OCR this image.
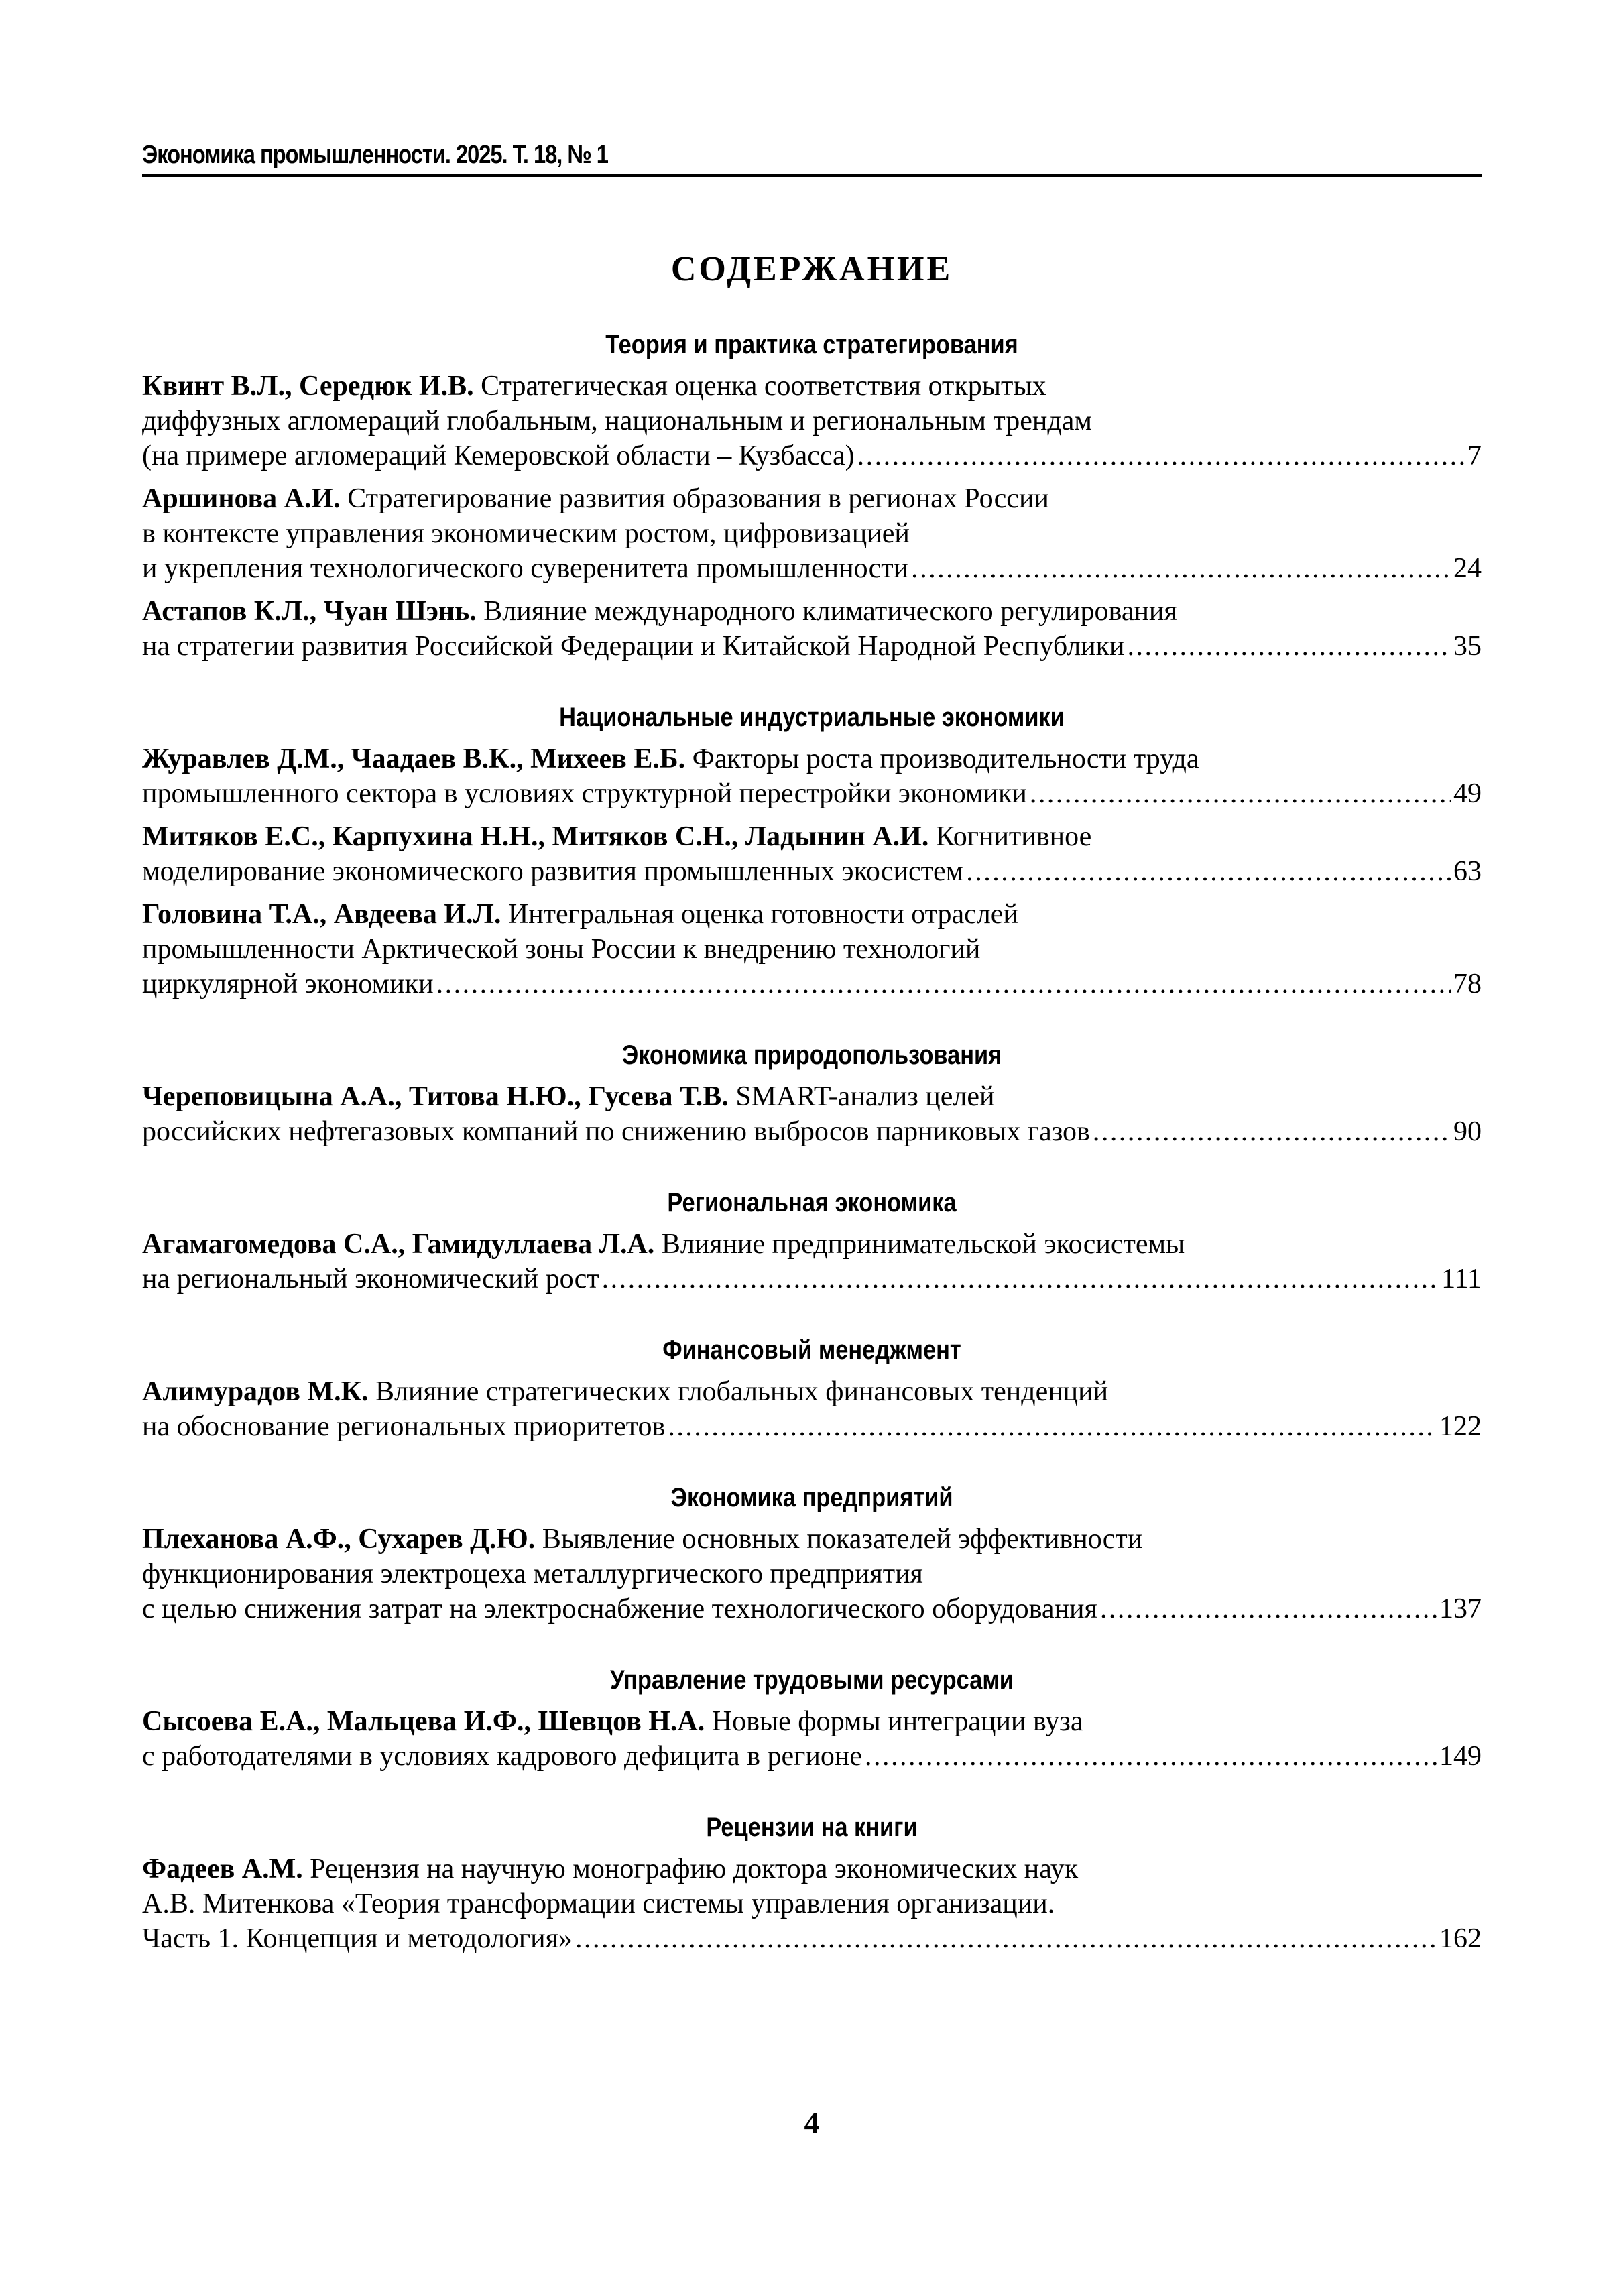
Экономика промышленности. 2025. Т. 18, № 1
СОДЕРЖАНИЕ
Теория и практика стратегирования
Квинт В.Л., Середюк И.В. Стратегическая оценка соответствия открытых
диффузных агломераций глобальным, национальным и региональным трендам
(на примере агломераций Кемеровской области – Кузбасса) . . .	7
Аршинова А.И. Стратегирование развития образования в регионах России
в контексте управления экономическим ростом, цифровизацией
и укрепления технологического суверенитета промышленности . . .	24
Астапов К.Л., Чуан Шэнь. Влияние международного климатического регулирования
на стратегии развития Российской Федерации и Китайской Народной Республики . . .	35
Национальные индустриальные экономики
Журавлев Д.М., Чаадаев В.К., Михеев Е.Б. Факторы роста производительности труда
промышленного сектора в условиях структурной перестройки экономики . . .	49
Митяков Е.С., Карпухина Н.Н., Митяков С.Н., Ладынин А.И. Когнитивное
моделирование экономического развития промышленных экосистем . . .	63
Головина Т.А., Авдеева И.Л. Интегральная оценка готовности отраслей
промышленности Арктической зоны России к внедрению технологий
циркулярной экономики . . .	78
Экономика природопользования
Череповицына А.А., Титова Н.Ю., Гусева Т.В. SMART-анализ целей
российских нефтегазовых компаний по снижению выбросов парниковых газов . . .	90
Региональная экономика
Агамагомедова С.А., Гамидуллаева Л.А. Влияние предпринимательской экосистемы
на региональный экономический рост . . .	111
Финансовый менеджмент
Алимурадов М.К. Влияние стратегических глобальных финансовых тенденций
на обоснование региональных приоритетов . . .	122
Экономика предприятий
Плеханова А.Ф., Сухарев Д.Ю. Выявление основных показателей эффективности
функционирования электроцеха металлургического предприятия
с целью снижения затрат на электроснабжение технологического оборудования . . .	137
Управление трудовыми ресурсами
Сысоева Е.А., Мальцева И.Ф., Шевцов Н.А. Новые формы интеграции вуза
с работодателями в условиях кадрового дефицита в регионе . . .	149
Рецензии на книги
Фадеев А.М. Рецензия на научную монографию доктора экономических наук
А.В. Митенкова «Теория трансформации системы управления организации.
Часть 1. Концепция и методология» . . .	162
4
